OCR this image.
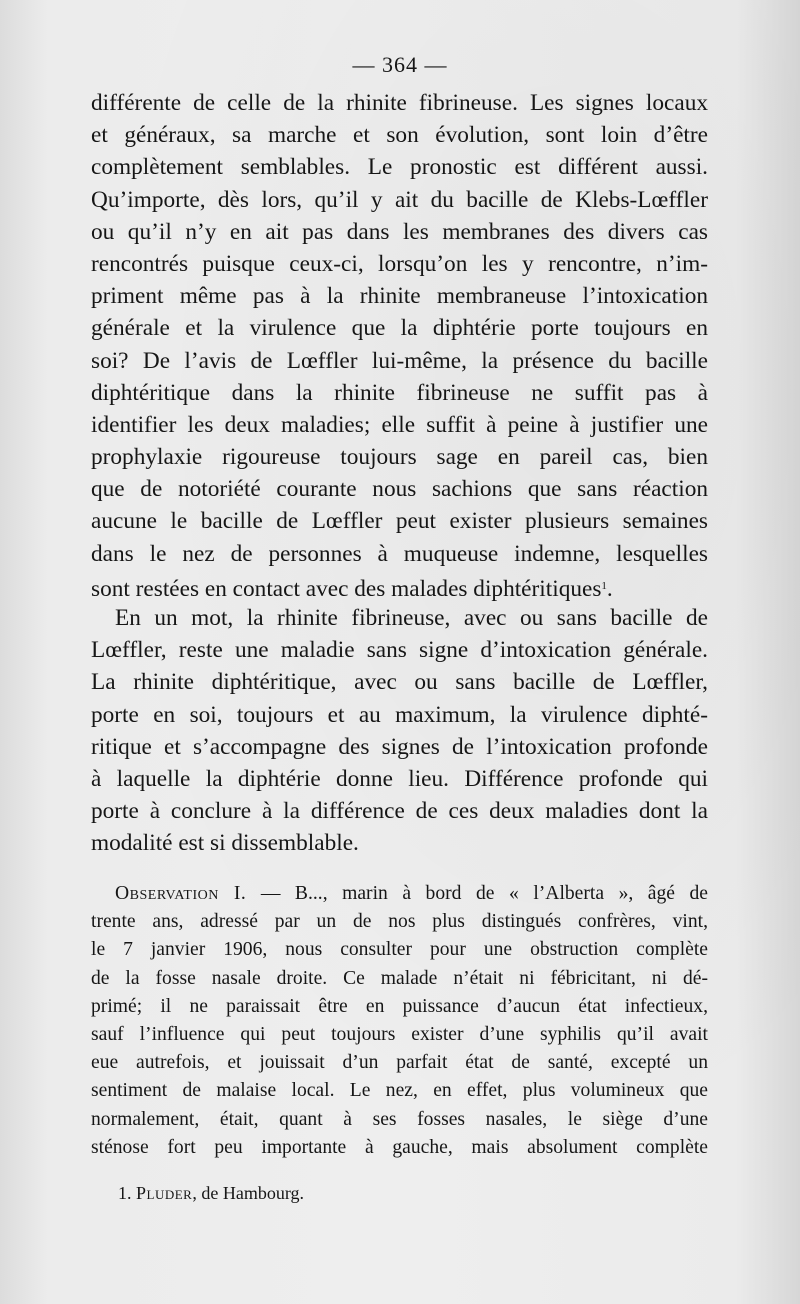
— 364 —
différente de celle de la rhinite fibrineuse. Les signes locaux
et généraux, sa marche et son évolution, sont loin d’être
complètement semblables. Le pronostic est différent aussi.
Qu’importe, dès lors, qu’il y ait du bacille de Klebs-Lœffler
ou qu’il n’y en ait pas dans les membranes des divers cas
rencontrés puisque ceux-ci, lorsqu’on les y rencontre, n’im-
priment même pas à la rhinite membraneuse l’intoxication
générale et la virulence que la diphtérie porte toujours en
soi? De l’avis de Lœffler lui-même, la présence du bacille
diphtéritique dans la rhinite fibrineuse ne suffit pas à
identifier les deux maladies; elle suffit à peine à justifier une
prophylaxie rigoureuse toujours sage en pareil cas, bien
que de notoriété courante nous sachions que sans réaction
aucune le bacille de Lœffler peut exister plusieurs semaines
dans le nez de personnes à muqueuse indemne, lesquelles
sont restées en contact avec des malades diphtéritiques$^1$.
En un mot, la rhinite fibrineuse, avec ou sans bacille de
Lœffler, reste une maladie sans signe d’intoxication générale.
La rhinite diphtéritique, avec ou sans bacille de Lœffler,
porte en soi, toujours et au maximum, la virulence diphté-
ritique et s’accompagne des signes de l’intoxication profonde
à laquelle la diphtérie donne lieu. Différence profonde qui
porte à conclure à la différence de ces deux maladies dont la
modalité est si dissemblable.
Observation I. — B..., marin à bord de « l’Alberta », âgé de
trente ans, adressé par un de nos plus distingués confrères, vint,
le 7 janvier 1906, nous consulter pour une obstruction complète
de la fosse nasale droite. Ce malade n’était ni fébricitant, ni dé-
primé; il ne paraissait être en puissance d’aucun état infectieux,
sauf l’influence qui peut toujours exister d’une syphilis qu’il avait
eue autrefois, et jouissait d’un parfait état de santé, excepté un
sentiment de malaise local. Le nez, en effet, plus volumineux que
normalement, était, quant à ses fosses nasales, le siège d’une
sténose fort peu importante à gauche, mais absolument complète
1. Pluder, de Hambourg.
